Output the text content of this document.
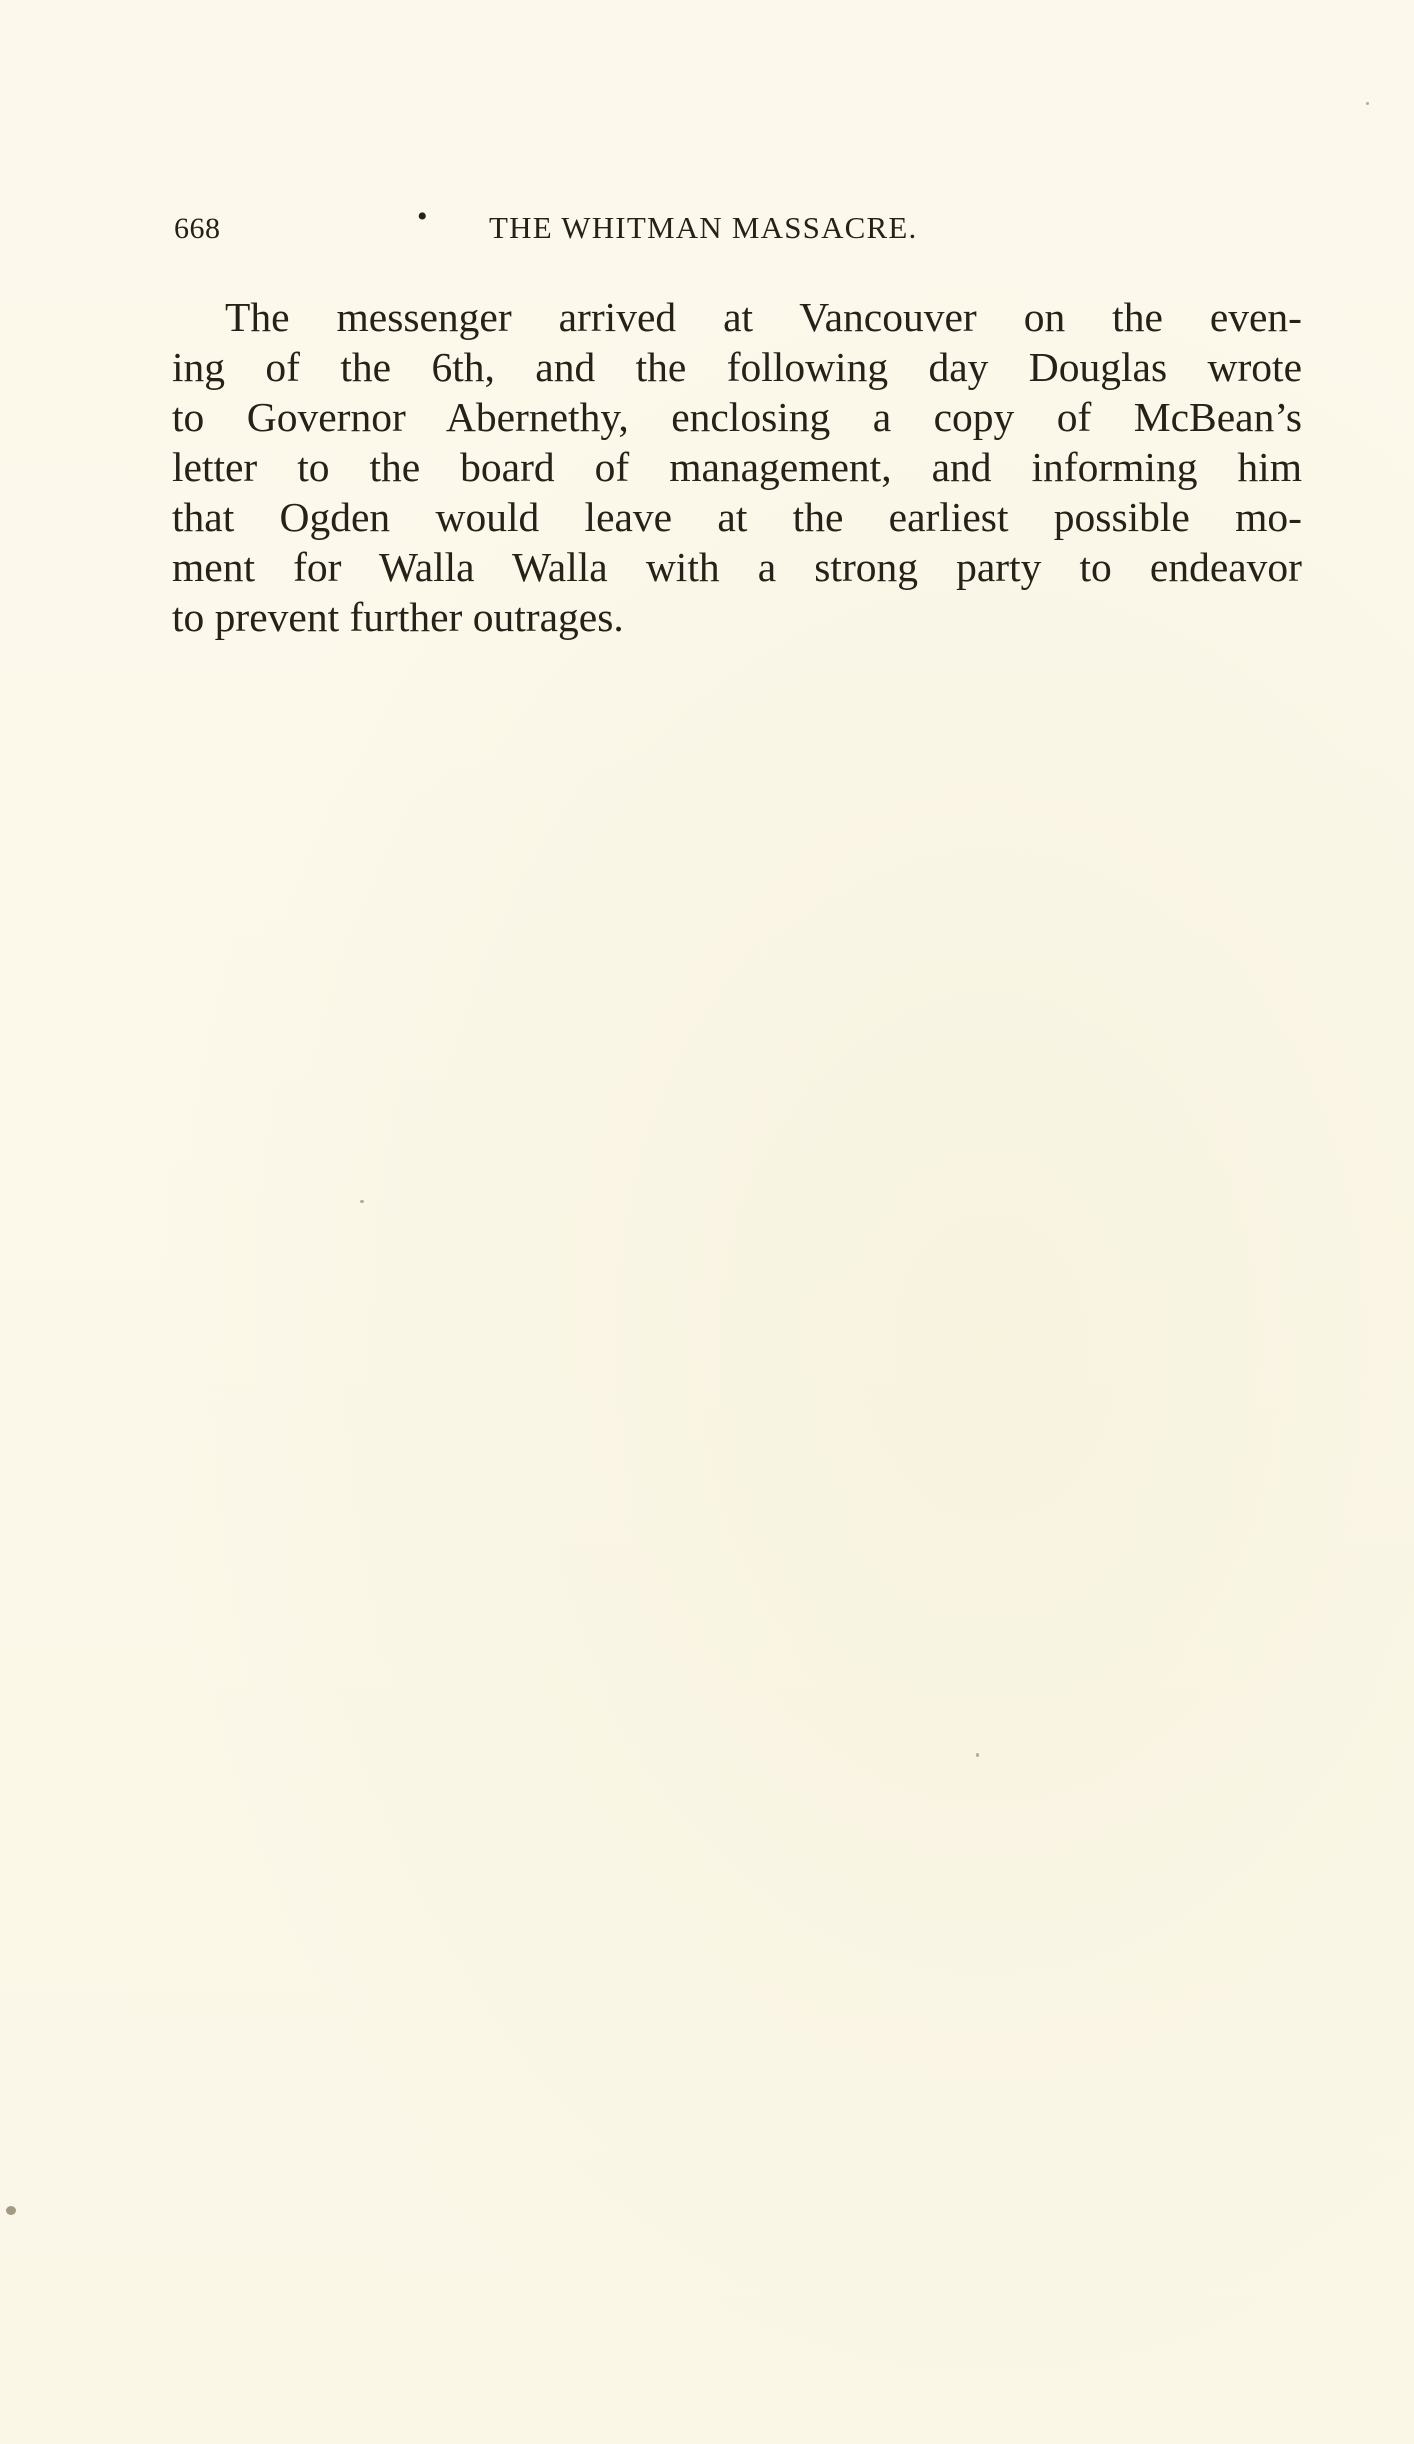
668	• THE WHITMAN MASSACRE.
The messenger arrived at Vancouver on the even-
ing of the 6th, and the following day Douglas wrote
to Governor Abernethy, enclosing a copy of McBean’s
letter to the board of management, and informing him
that Ogden would leave at the earliest possible mo-
ment for Walla Walla with a strong party to endeavor
to prevent further outrages.
